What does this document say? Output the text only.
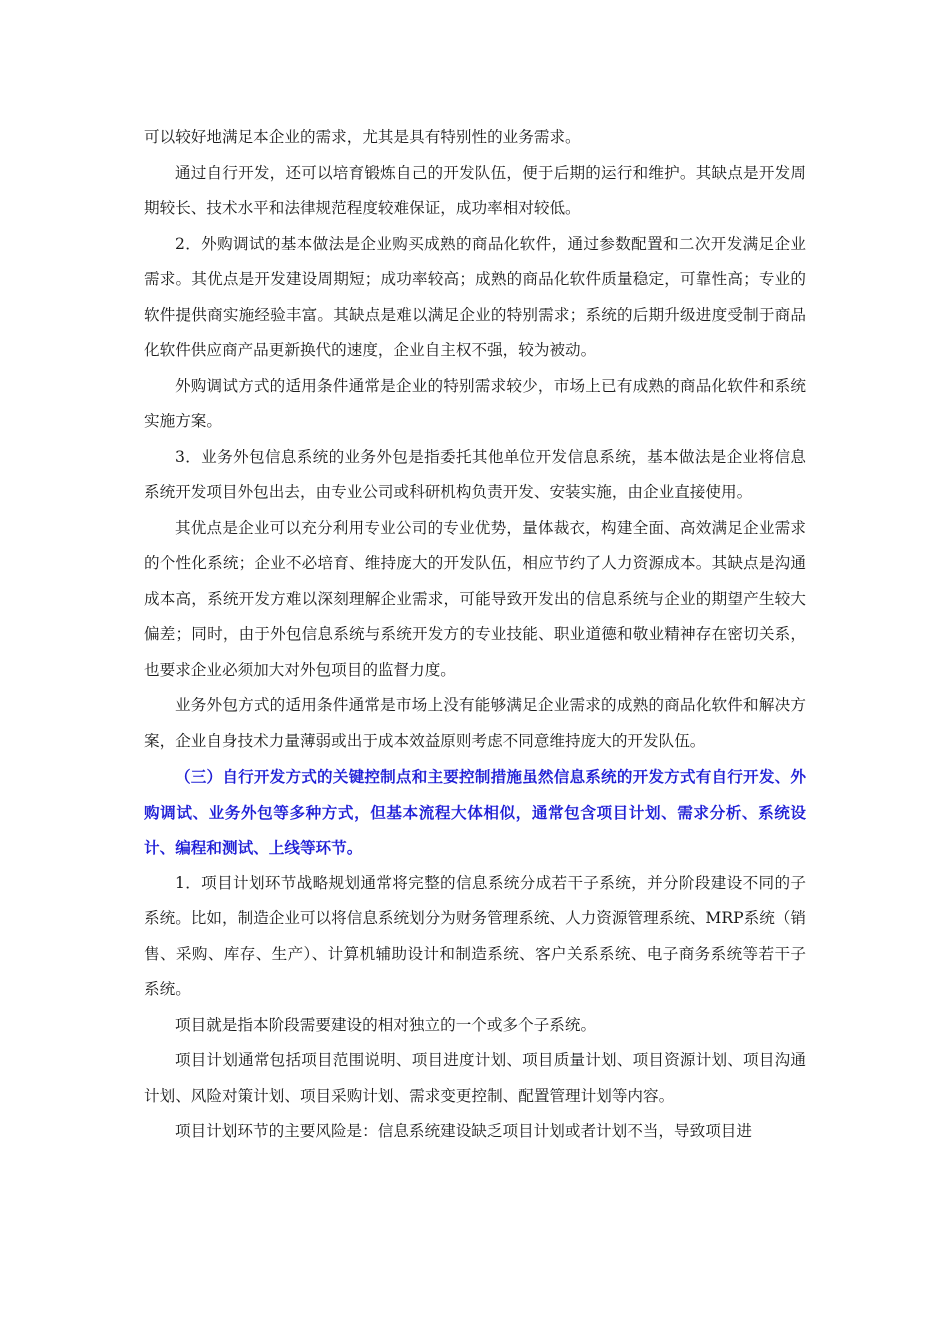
可以较好地满足本企业的需求，尤其是具有特别性的业务需求。

通过自行开发，还可以培育锻炼自己的开发队伍，便于后期的运行和维护。其缺点是开发周期较长、技术水平和法律规范程度较难保证，成功率相对较低。

2．外购调试的基本做法是企业购买成熟的商品化软件，通过参数配置和二次开发满足企业需求。其优点是开发建设周期短；成功率较高；成熟的商品化软件质量稳定，可靠性高；专业的软件提供商实施经验丰富。其缺点是难以满足企业的特别需求；系统的后期升级进度受制于商品化软件供应商产品更新换代的速度，企业自主权不强，较为被动。

外购调试方式的适用条件通常是企业的特别需求较少，市场上已有成熟的商品化软件和系统实施方案。

3．业务外包信息系统的业务外包是指委托其他单位开发信息系统，基本做法是企业将信息系统开发项目外包出去，由专业公司或科研机构负责开发、安装实施，由企业直接使用。

其优点是企业可以充分利用专业公司的专业优势，量体裁衣，构建全面、高效满足企业需求的个性化系统；企业不必培育、维持庞大的开发队伍，相应节约了人力资源成本。其缺点是沟通成本高，系统开发方难以深刻理解企业需求，可能导致开发出的信息系统与企业的期望产生较大偏差；同时，由于外包信息系统与系统开发方的专业技能、职业道德和敬业精神存在密切关系，也要求企业必须加大对外包项目的监督力度。

业务外包方式的适用条件通常是市场上没有能够满足企业需求的成熟的商品化软件和解决方案，企业自身技术力量薄弱或出于成本效益原则考虑不同意维持庞大的开发队伍。

（三）自行开发方式的关键控制点和主要控制措施虽然信息系统的开发方式有自行开发、外购调试、业务外包等多种方式，但基本流程大体相似，通常包含项目计划、需求分析、系统设计、编程和测试、上线等环节。

1．项目计划环节战略规划通常将完整的信息系统分成若干子系统，并分阶段建设不同的子系统。比如，制造企业可以将信息系统划分为财务管理系统、人力资源管理系统、MRP系统（销售、采购、库存、生产）、计算机辅助设计和制造系统、客户关系系统、电子商务系统等若干子系统。

项目就是指本阶段需要建设的相对独立的一个或多个子系统。

项目计划通常包括项目范围说明、项目进度计划、项目质量计划、项目资源计划、项目沟通计划、风险对策计划、项目采购计划、需求变更控制、配置管理计划等内容。

项目计划环节的主要风险是：信息系统建设缺乏项目计划或者计划不当，导致项目进
